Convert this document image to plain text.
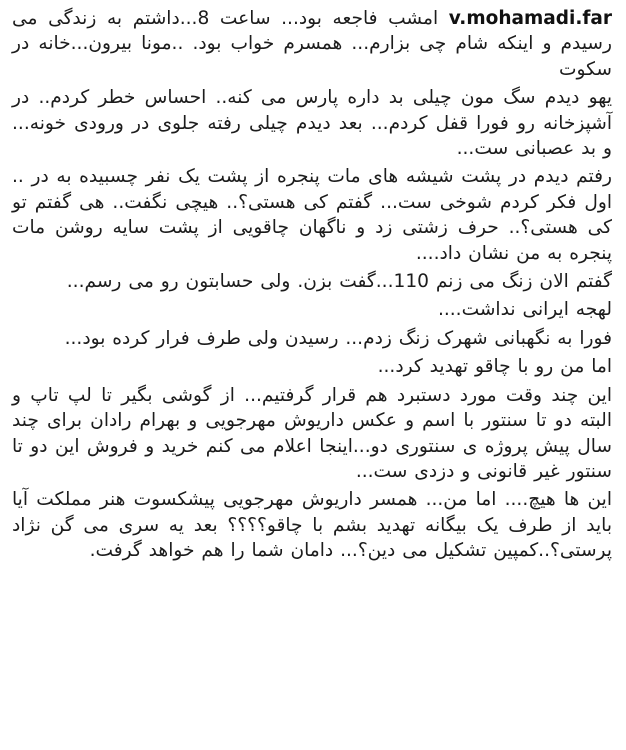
v.mohamadi.far امشب فاجعه بود... ساعت 8...داشتم به زندگی می رسیدم و اینکه شام چی بزارم... همسرم خواب بود. ..مونا بیرون...خانه در سکوت

یهو دیدم سگ مون چیلی بد داره پارس می کنه.. احساس خطر کردم.. در آشپزخانه رو فورا قفل کردم... بعد دیدم چیلی رفته جلوی در ورودی خونه... و بد عصبانی ست...

رفتم دیدم در پشت شیشه های مات پنجره از پشت یک نفر چسبیده به در .. اول فکر کردم شوخی ست... گفتم کی هستی؟.. هیچی نگفت.. هی گفتم تو کی هستی؟.. حرف زشتی زد و ناگهان چاقویی از پشت سایه روشن مات پنجره به من نشان داد....

گفتم الان زنگ می زنم 110...گفت بزن. ولی حسابتون رو می رسم...

لهجه ایرانی نداشت....

فورا به نگهبانی شهرک زنگ زدم... رسیدن ولی طرف فرار کرده بود...

اما من رو با چاقو تهدید کرد...

این چند وقت مورد دستبرد هم قرار گرفتیم... از گوشی بگیر تا لپ تاپ و البته دو تا سنتور با اسم و عکس داریوش مهرجویی و بهرام رادان برای چند سال پیش پروژه ی سنتوری دو...اینجا اعلام می کنم خرید و فروش این دو تا سنتور غیر قانونی و دزدی ست...

این ها هیچ.... اما من... همسر داریوش مهرجویی پیشکسوت هنر مملکت آیا باید از طرف یک بیگانه تهدید بشم با چاقو؟؟؟؟ بعد یه سری می گن نژاد پرستی؟..کمپین تشکیل می دین؟... دامان شما را هم خواهد گرفت.
